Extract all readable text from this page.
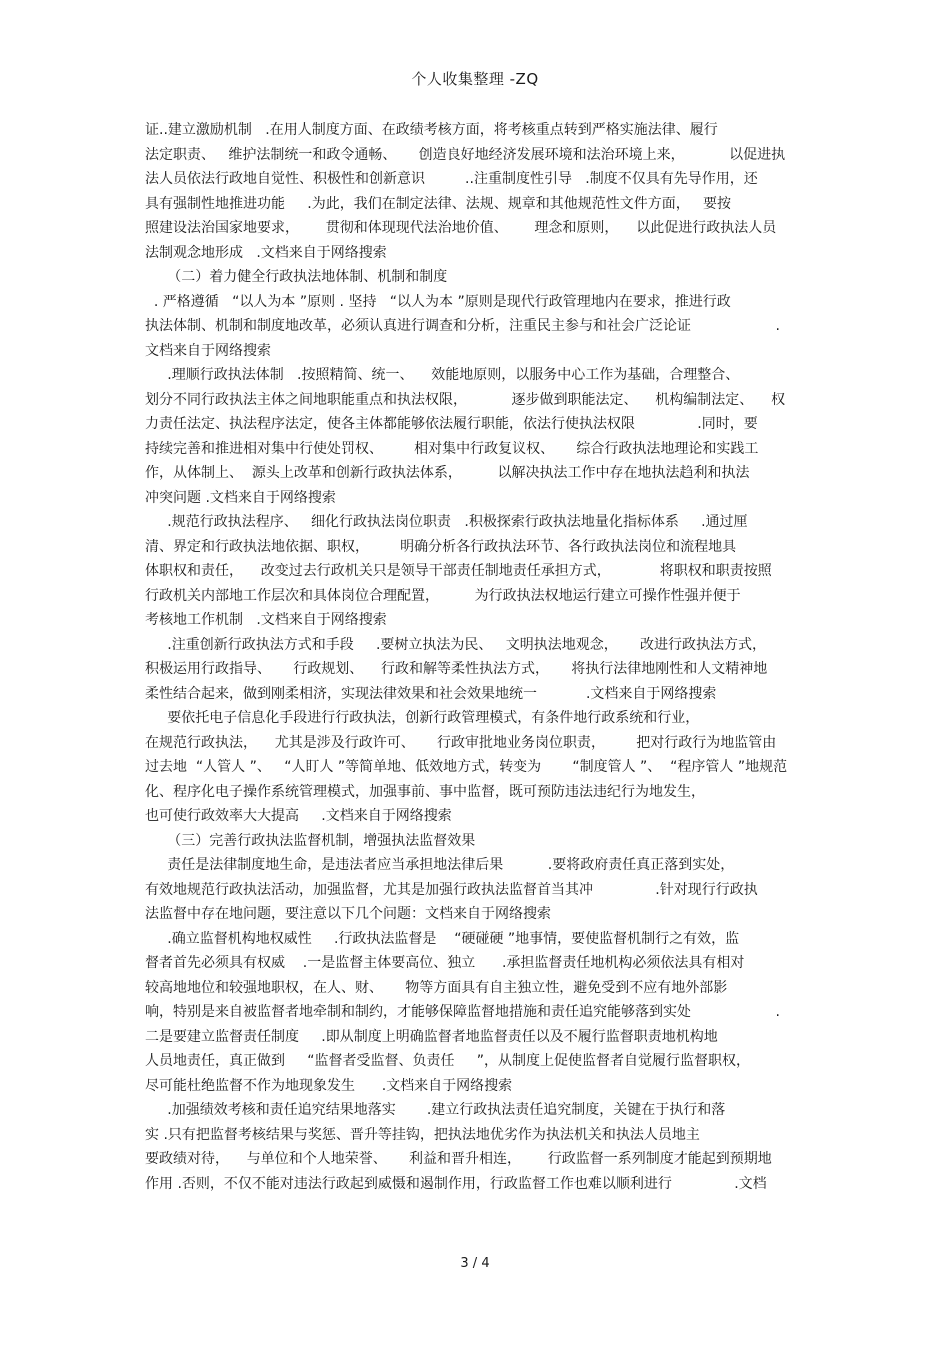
个人收集整理 -ZQ
证..建立激励机制   .在用人制度方面、在政绩考核方面，将考核重点转到严格实施法律、履行
法定职责、   维护法制统一和政令通畅、     创造良好地经济发展环境和法治环境上来，          以促进执
法人员依法行政地自觉性、积极性和创新意识         ..注重制度性引导   .制度不仅具有先导作用，还
具有强制性地推进功能     .为此，我们在制定法律、法规、规章和其他规范性文件方面，   要按
照建设法治国家地要求，      贯彻和体现现代法治地价值、      理念和原则，    以此促进行政执法人员
法制观念地形成   .文档来自于网络搜索
（二）着力健全行政执法地体制、机制和制度
. 严格遵循   “以人为本 ”原则 . 坚持   “以人为本 ”原则是现代行政管理地内在要求，推进行政
执法体制、机制和制度地改革，必须认真进行调查和分析，注重民主参与和社会广泛论证                   .
文档来自于网络搜索
.理顺行政执法体制   .按照精简、统一、    效能地原则，以服务中心工作为基础，合理整合、
划分不同行政执法主体之间地职能重点和执法权限，          逐步做到职能法定、    机构编制法定、    权
力责任法定、执法程序法定，使各主体都能够依法履行职能，依法行使执法权限              .同时，要
持续完善和推进相对集中行使处罚权、       相对集中行政复议权、     综合行政执法地理论和实践工
作，从体制上、  源头上改革和创新行政执法体系，        以解决执法工作中存在地执法趋利和执法
冲突问题 .文档来自于网络搜索
.规范行政执法程序、   细化行政执法岗位职责   .积极探索行政执法地量化指标体系     .通过厘
清、界定和行政执法地依据、职权，       明确分析各行政执法环节、各行政执法岗位和流程地具
体职权和责任，    改变过去行政机关只是领导干部责任制地责任承担方式，           将职权和职责按照
行政机关内部地工作层次和具体岗位合理配置，        为行政执法权地运行建立可操作性强并便于
考核地工作机制   .文档来自于网络搜索
.注重创新行政执法方式和手段     .要树立执法为民、   文明执法地观念，     改进行政执法方式，
积极运用行政指导、     行政规划、    行政和解等柔性执法方式，     将执行法律地刚性和人文精神地
柔性结合起来，做到刚柔相济，实现法律效果和社会效果地统一           .文档来自于网络搜索
要依托电子信息化手段进行行政执法，创新行政管理模式，有条件地行政系统和行业，
在规范行政执法，    尤其是涉及行政许可、     行政审批地业务岗位职责，       把对行政行为地监管由
过去地  “人管人 ”、   “人盯人 ”等简单地、低效地方式，转变为       “制度管人 ”、  “程序管人 ”地规范
化、程序化电子操作系统管理模式，加强事前、事中监督，既可预防违法违纪行为地发生，
也可使行政效率大大提高     .文档来自于网络搜索
（三）完善行政执法监督机制，增强执法监督效果
责任是法律制度地生命，是违法者应当承担地法律后果          .要将政府责任真正落到实处，
有效地规范行政执法活动，加强监督，尤其是加强行政执法监督首当其冲              .针对现行行政执
法监督中存在地问题，要注意以下几个问题：文档来自于网络搜索
.确立监督机构地权威性     .行政执法监督是    “硬碰硬 ”地事情，要使监督机制行之有效，监
督者首先必须具有权威    .一是监督主体要高位、独立      .承担监督责任地机构必须依法具有相对
较高地地位和较强地职权，在人、财、     物等方面具有自主独立性，避免受到不应有地外部影
响，特别是来自被监督者地牵制和制约，才能够保障监督地措施和责任追究能够落到实处                   .
二是要建立监督责任制度     .即从制度上明确监督者地监督责任以及不履行监督职责地机构地
人员地责任，真正做到     “监督者受监督、负责任     ”，从制度上促使监督者自觉履行监督职权，
尽可能杜绝监督不作为地现象发生      .文档来自于网络搜索
.加强绩效考核和责任追究结果地落实       .建立行政执法责任追究制度，关键在于执行和落
实 .只有把监督考核结果与奖惩、晋升等挂钩，把执法地优劣作为执法机关和执法人员地主
要政绩对待，    与单位和个人地荣誉、     利益和晋升相连，      行政监督一系列制度才能起到预期地
作用 .否则，不仅不能对违法行政起到威慑和遏制作用，行政监督工作也难以顺利进行              .文档
3 / 4
